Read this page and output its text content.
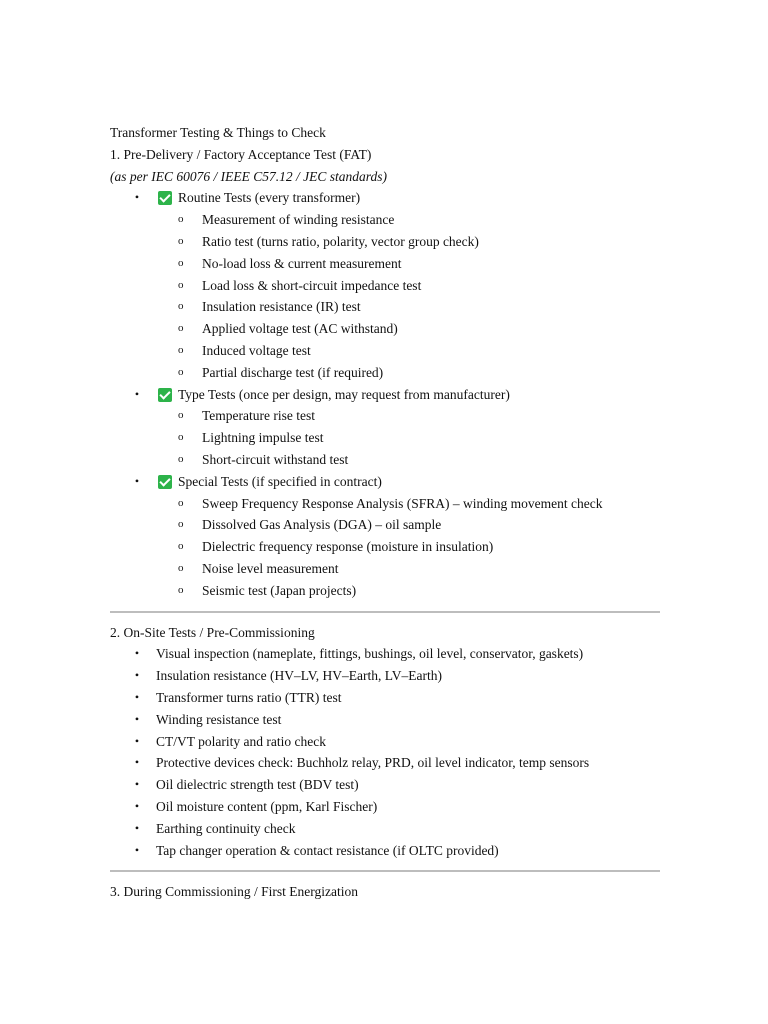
Transformer Testing & Things to Check
1. Pre-Delivery / Factory Acceptance Test (FAT)
(as per IEC 60076 / IEEE C57.12 / JEC standards)
•
Routine Tests (every transformer)
o
Measurement of winding resistance
o
Ratio test (turns ratio, polarity, vector group check)
o
No-load loss & current measurement
o
Load loss & short-circuit impedance test
o
Insulation resistance (IR) test
o
Applied voltage test (AC withstand)
o
Induced voltage test
o
Partial discharge test (if required)
•
Type Tests (once per design, may request from manufacturer)
o
Temperature rise test
o
Lightning impulse test
o
Short-circuit withstand test
•
Special Tests (if specified in contract)
o
Sweep Frequency Response Analysis (SFRA) – winding movement check
o
Dissolved Gas Analysis (DGA) – oil sample
o
Dielectric frequency response (moisture in insulation)
o
Noise level measurement
o
Seismic test (Japan projects)
2. On-Site Tests / Pre-Commissioning
•
Visual inspection (nameplate, fittings, bushings, oil level, conservator, gaskets)
•
Insulation resistance (HV–LV, HV–Earth, LV–Earth)
•
Transformer turns ratio (TTR) test
•
Winding resistance test
•
CT/VT polarity and ratio check
•
Protective devices check: Buchholz relay, PRD, oil level indicator, temp sensors
•
Oil dielectric strength test (BDV test)
•
Oil moisture content (ppm, Karl Fischer)
•
Earthing continuity check
•
Tap changer operation & contact resistance (if OLTC provided)
3. During Commissioning / First Energization
